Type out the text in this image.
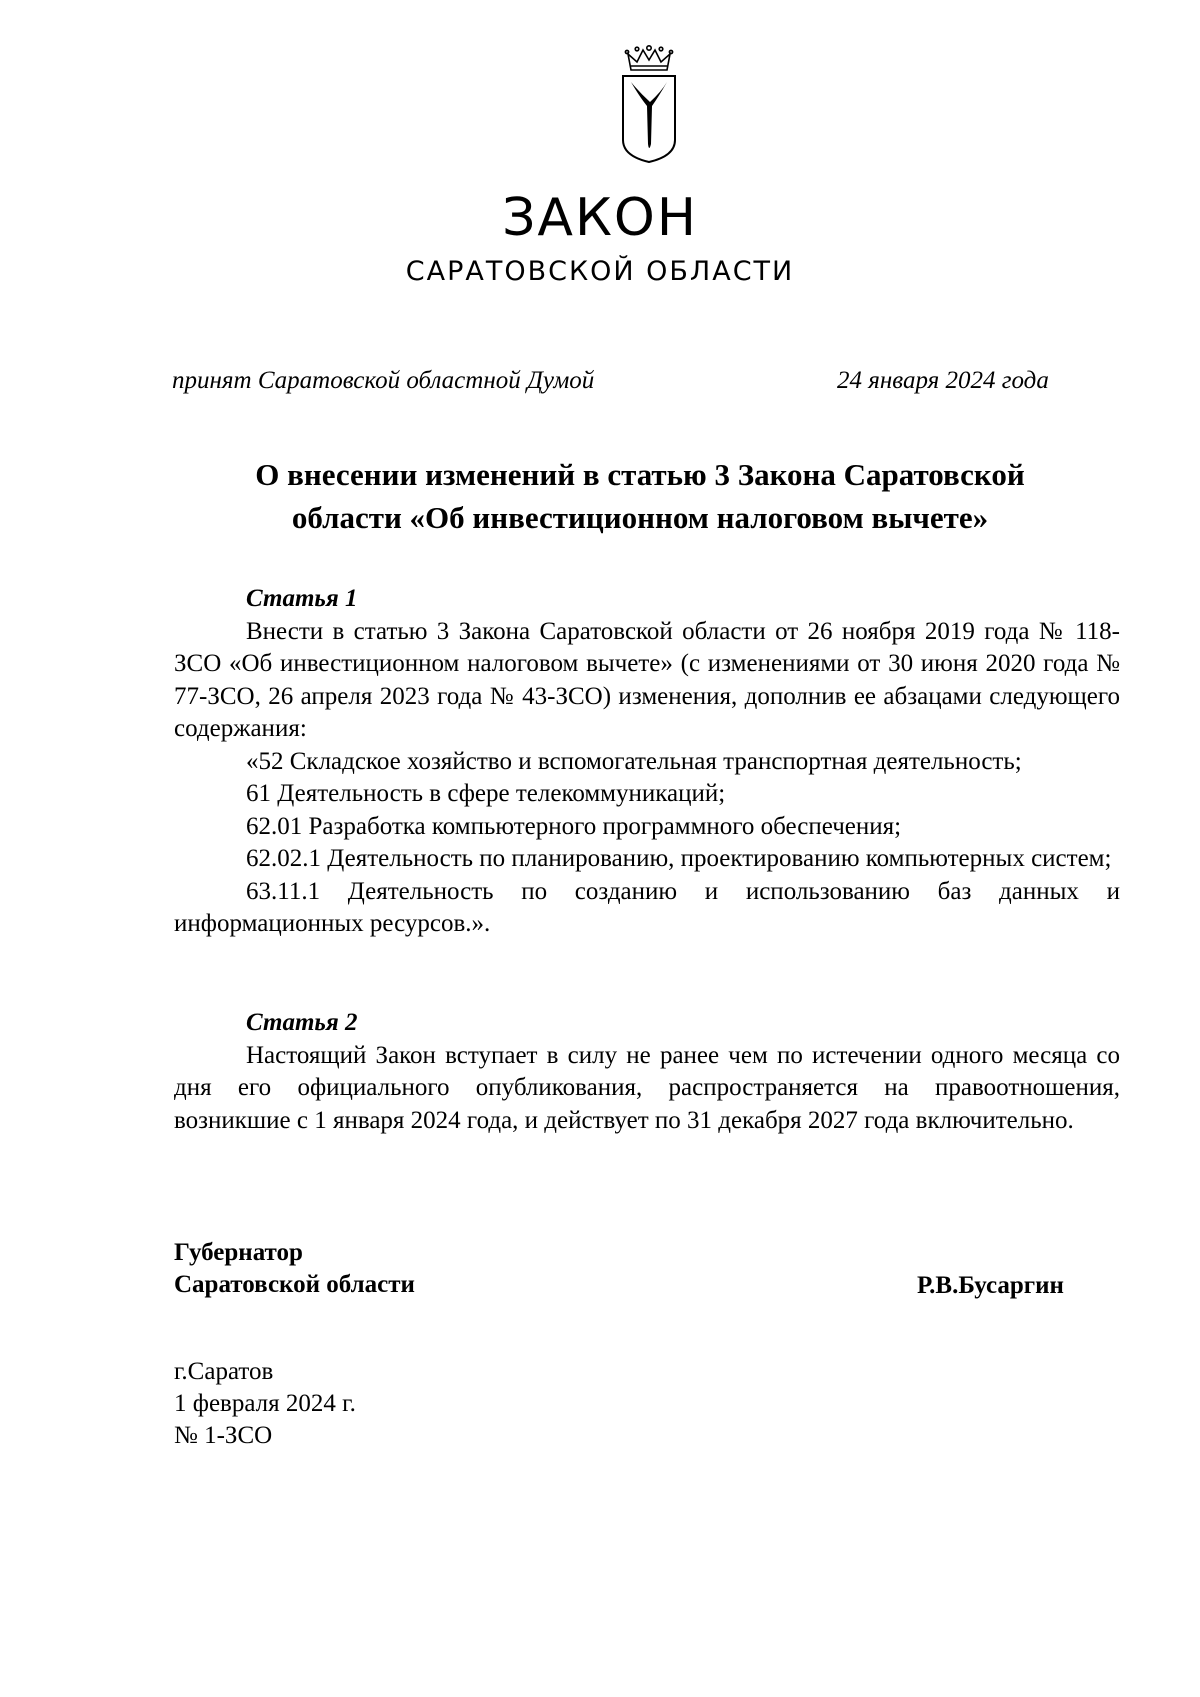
ЗАКОН
САРАТОВСКОЙ ОБЛАСТИ
принят Саратовской областной Думой	24 января 2024 года
О внесении изменений в статью 3 Закона Саратовской
области «Об инвестиционном налоговом вычете»

Статья 1

Внести в статью 3 Закона Саратовской области от 26 ноября 2019 года № 118-ЗСО «Об инвестиционном налоговом вычете» (с изменениями от 30 июня 2020 года № 77-ЗСО, 26 апреля 2023 года № 43-ЗСО) изменения, дополнив ее абзацами следующего содержания:

«52 Складское хозяйство и вспомогательная транспортная деятельность;

61 Деятельность в сфере телекоммуникаций;

62.01 Разработка компьютерного программного обеспечения;

62.02.1 Деятельность по планированию, проектированию компьютерных систем;

63.11.1 Деятельность по созданию и использованию баз данных и информационных ресурсов.».

Статья 2

Настоящий Закон вступает в силу не ранее чем по истечении одного месяца со дня его официального опубликования, распространяется на правоотношения, возникшие с 1 января 2024 года, и действует по 31 декабря 2027 года включительно.

Губернатор
Саратовской области	Р.В.Бусаргин
г.Саратов
1 февраля 2024 г.
№ 1-ЗСО
